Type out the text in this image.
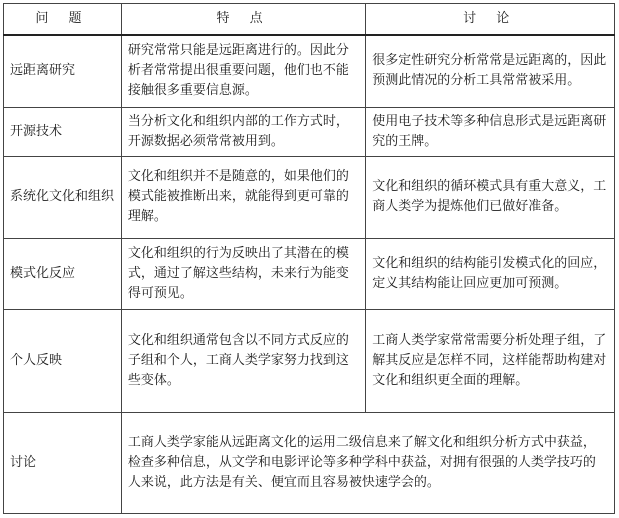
问 题	特 点	讨 论
远距离研究	研究常常只能是远距离进行的。因此分析者常常提出很重要问题，他们也不能接触很多重要信息源。	很多定性研究分析常常是远距离的，因此预测此情况的分析工具常常被采用。
开源技术	当分析文化和组织内部的工作方式时，开源数据必须常常被用到。	使用电子技术等多种信息形式是远距离研究的王牌。
系统化文化和组织	文化和组织并不是随意的，如果他们的模式能被推断出来，就能得到更可靠的理解。	文化和组织的循环模式具有重大意义，工商人类学为提炼他们已做好准备。
模式化反应	文化和组织的行为反映出了其潜在的模式，通过了解这些结构，未来行为能变得可预见。	文化和组织的结构能引发模式化的回应，定义其结构能让回应更加可预测。
个人反映	文化和组织通常包含以不同方式反应的子组和个人，工商人类学家努力找到这些变体。	工商人类学家常常需要分析处理子组，了解其反应是怎样不同，这样能帮助构建对文化和组织更全面的理解。
讨论	工商人类学家能从远距离文化的运用二级信息来了解文化和组织分析方式中获益，检查多种信息，从文学和电影评论等多种学科中获益，对拥有很强的人类学技巧的人来说，此方法是有关、便宜而且容易被快速学会的。	
